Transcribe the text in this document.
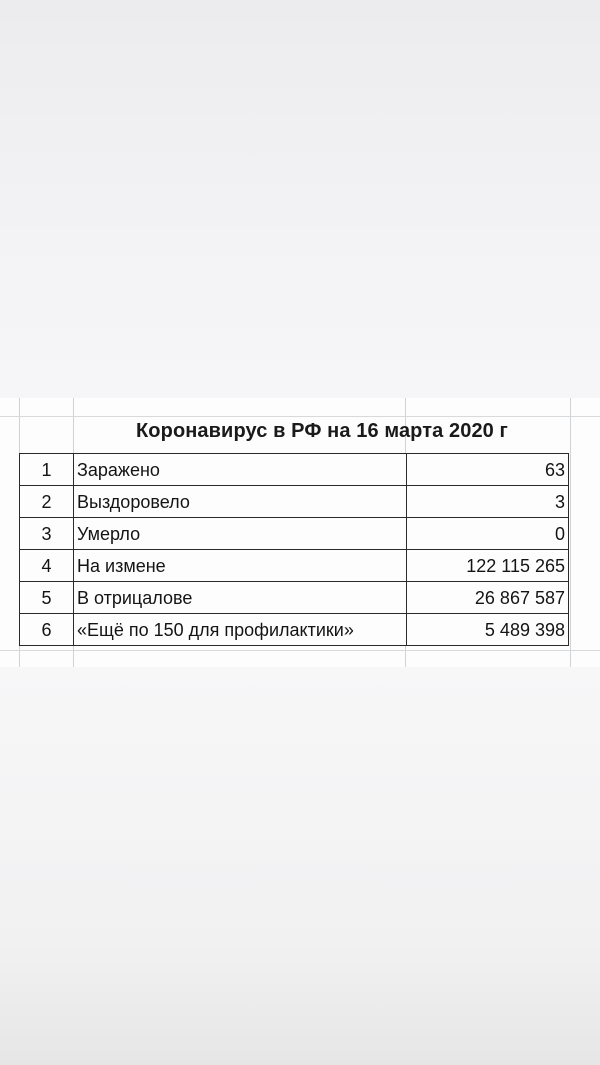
Коронавирус в РФ на 16 марта 2020 г
1	Заражено	63
2	Выздоровело	3
3	Умерло	0
4	На измене	122 115 265
5	В отрицалове	26 867 587
6	«Ещё по 150 для профилактики»	5 489 398
